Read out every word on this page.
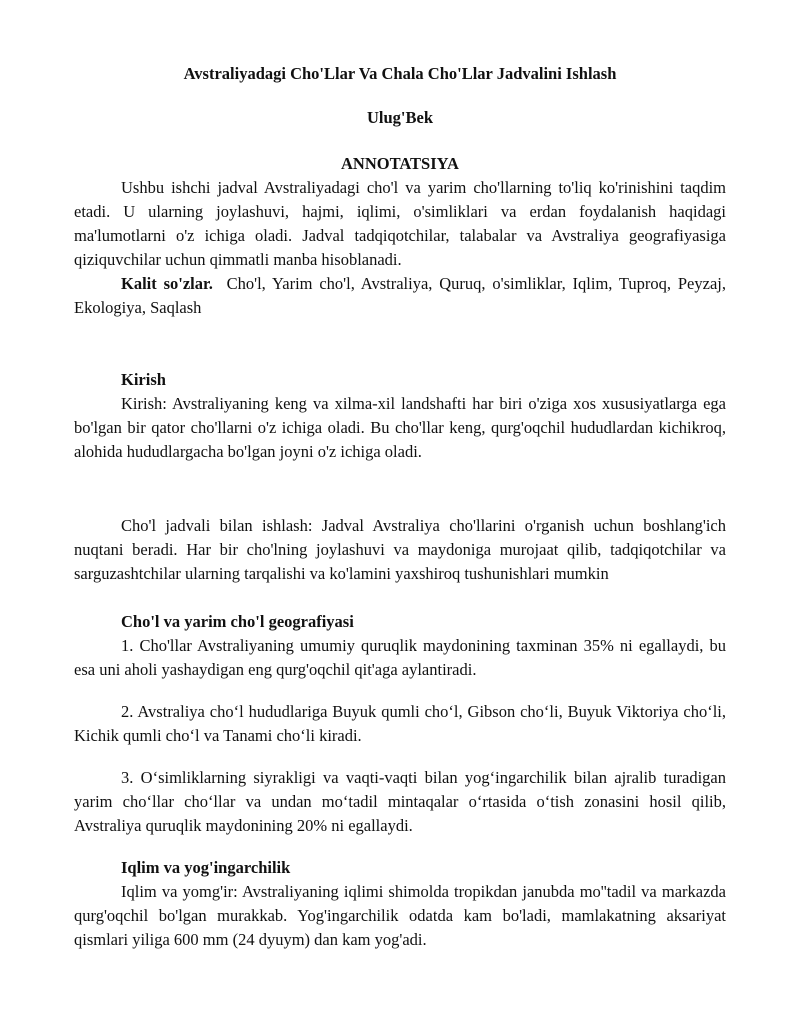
Avstraliyadagi Cho'Llar Va Chala Cho'Llar Jadvalini Ishlash

Ulug'Bek

ANNOTATSIYA

Ushbu ishchi jadval Avstraliyadagi cho'l va yarim cho'llarning to'liq ko'rinishini taqdim etadi. U ularning joylashuvi, hajmi, iqlimi, o'simliklari va erdan foydalanish haqidagi ma'lumotlarni o'z ichiga oladi. Jadval tadqiqotchilar, talabalar va Avstraliya geografiyasiga qiziquvchilar uchun qimmatli manba hisoblanadi.

Kalit so'zlar. Cho'l, Yarim cho'l, Avstraliya, Quruq, o'simliklar, Iqlim, Tuproq, Peyzaj, Ekologiya, Saqlash

Kirish

Kirish: Avstraliyaning keng va xilma-xil landshafti har biri o'ziga xos xususiyatlarga ega bo'lgan bir qator cho'llarni o'z ichiga oladi. Bu cho'llar keng, qurg'oqchil hududlardan kichikroq, alohida hududlargacha bo'lgan joyni o'z ichiga oladi.

Cho'l jadvali bilan ishlash: Jadval Avstraliya cho'llarini o'rganish uchun boshlang'ich nuqtani beradi. Har bir cho'lning joylashuvi va maydoniga murojaat qilib, tadqiqotchilar va sarguzashtchilar ularning tarqalishi va ko'lamini yaxshiroq tushunishlari mumkin

Cho'l va yarim cho'l geografiyasi

1. Cho'llar Avstraliyaning umumiy quruqlik maydonining taxminan 35% ni egallaydi, bu esa uni aholi yashaydigan eng qurg'oqchil qit'aga aylantiradi.

2. Avstraliya cho‘l hududlariga Buyuk qumli cho‘l, Gibson cho‘li, Buyuk Viktoriya cho‘li, Kichik qumli cho‘l va Tanami cho‘li kiradi.

3. O‘simliklarning siyrakligi va vaqti-vaqti bilan yog‘ingarchilik bilan ajralib turadigan yarim cho‘llar cho‘llar va undan mo‘tadil mintaqalar o‘rtasida o‘tish zonasini hosil qilib, Avstraliya quruqlik maydonining 20% ni egallaydi.

Iqlim va yog'ingarchilik

Iqlim va yomg'ir: Avstraliyaning iqlimi shimolda tropikdan janubda mo''tadil va markazda qurg'oqchil bo'lgan murakkab. Yog'ingarchilik odatda kam bo'ladi, mamlakatning aksariyat qismlari yiliga 600 mm (24 dyuym) dan kam yog'adi.
